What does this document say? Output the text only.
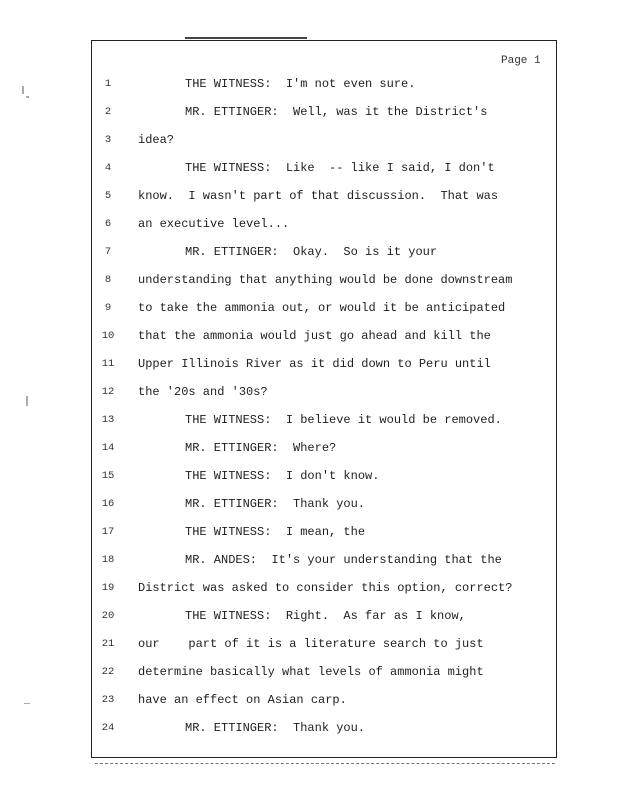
Page 1
1	THE WITNESS:  I'm not even sure.
2	MR. ETTINGER:  Well, was it the District's
3	idea?
4	THE WITNESS:  Like  -- like I said, I don't
5	know.  I wasn't part of that discussion.  That was
6	an executive level...
7	MR. ETTINGER:  Okay.  So is it your
8	understanding that anything would be done downstream
9	to take the ammonia out, or would it be anticipated
10	that the ammonia would just go ahead and kill the
11	Upper Illinois River as it did down to Peru until
12	the '20s and '30s?
13	THE WITNESS:  I believe it would be removed.
14	MR. ETTINGER:  Where?
15	THE WITNESS:  I don't know.
16	MR. ETTINGER:  Thank you.
17	THE WITNESS:  I mean, the
18	MR. ANDES:  It's your understanding that the
19	District was asked to consider this option, correct?
20	THE WITNESS:  Right.  As far as I know,
21	our    part of it is a literature search to just
22	determine basically what levels of ammonia might
23	have an effect on Asian carp.
24	MR. ETTINGER:  Thank you.
